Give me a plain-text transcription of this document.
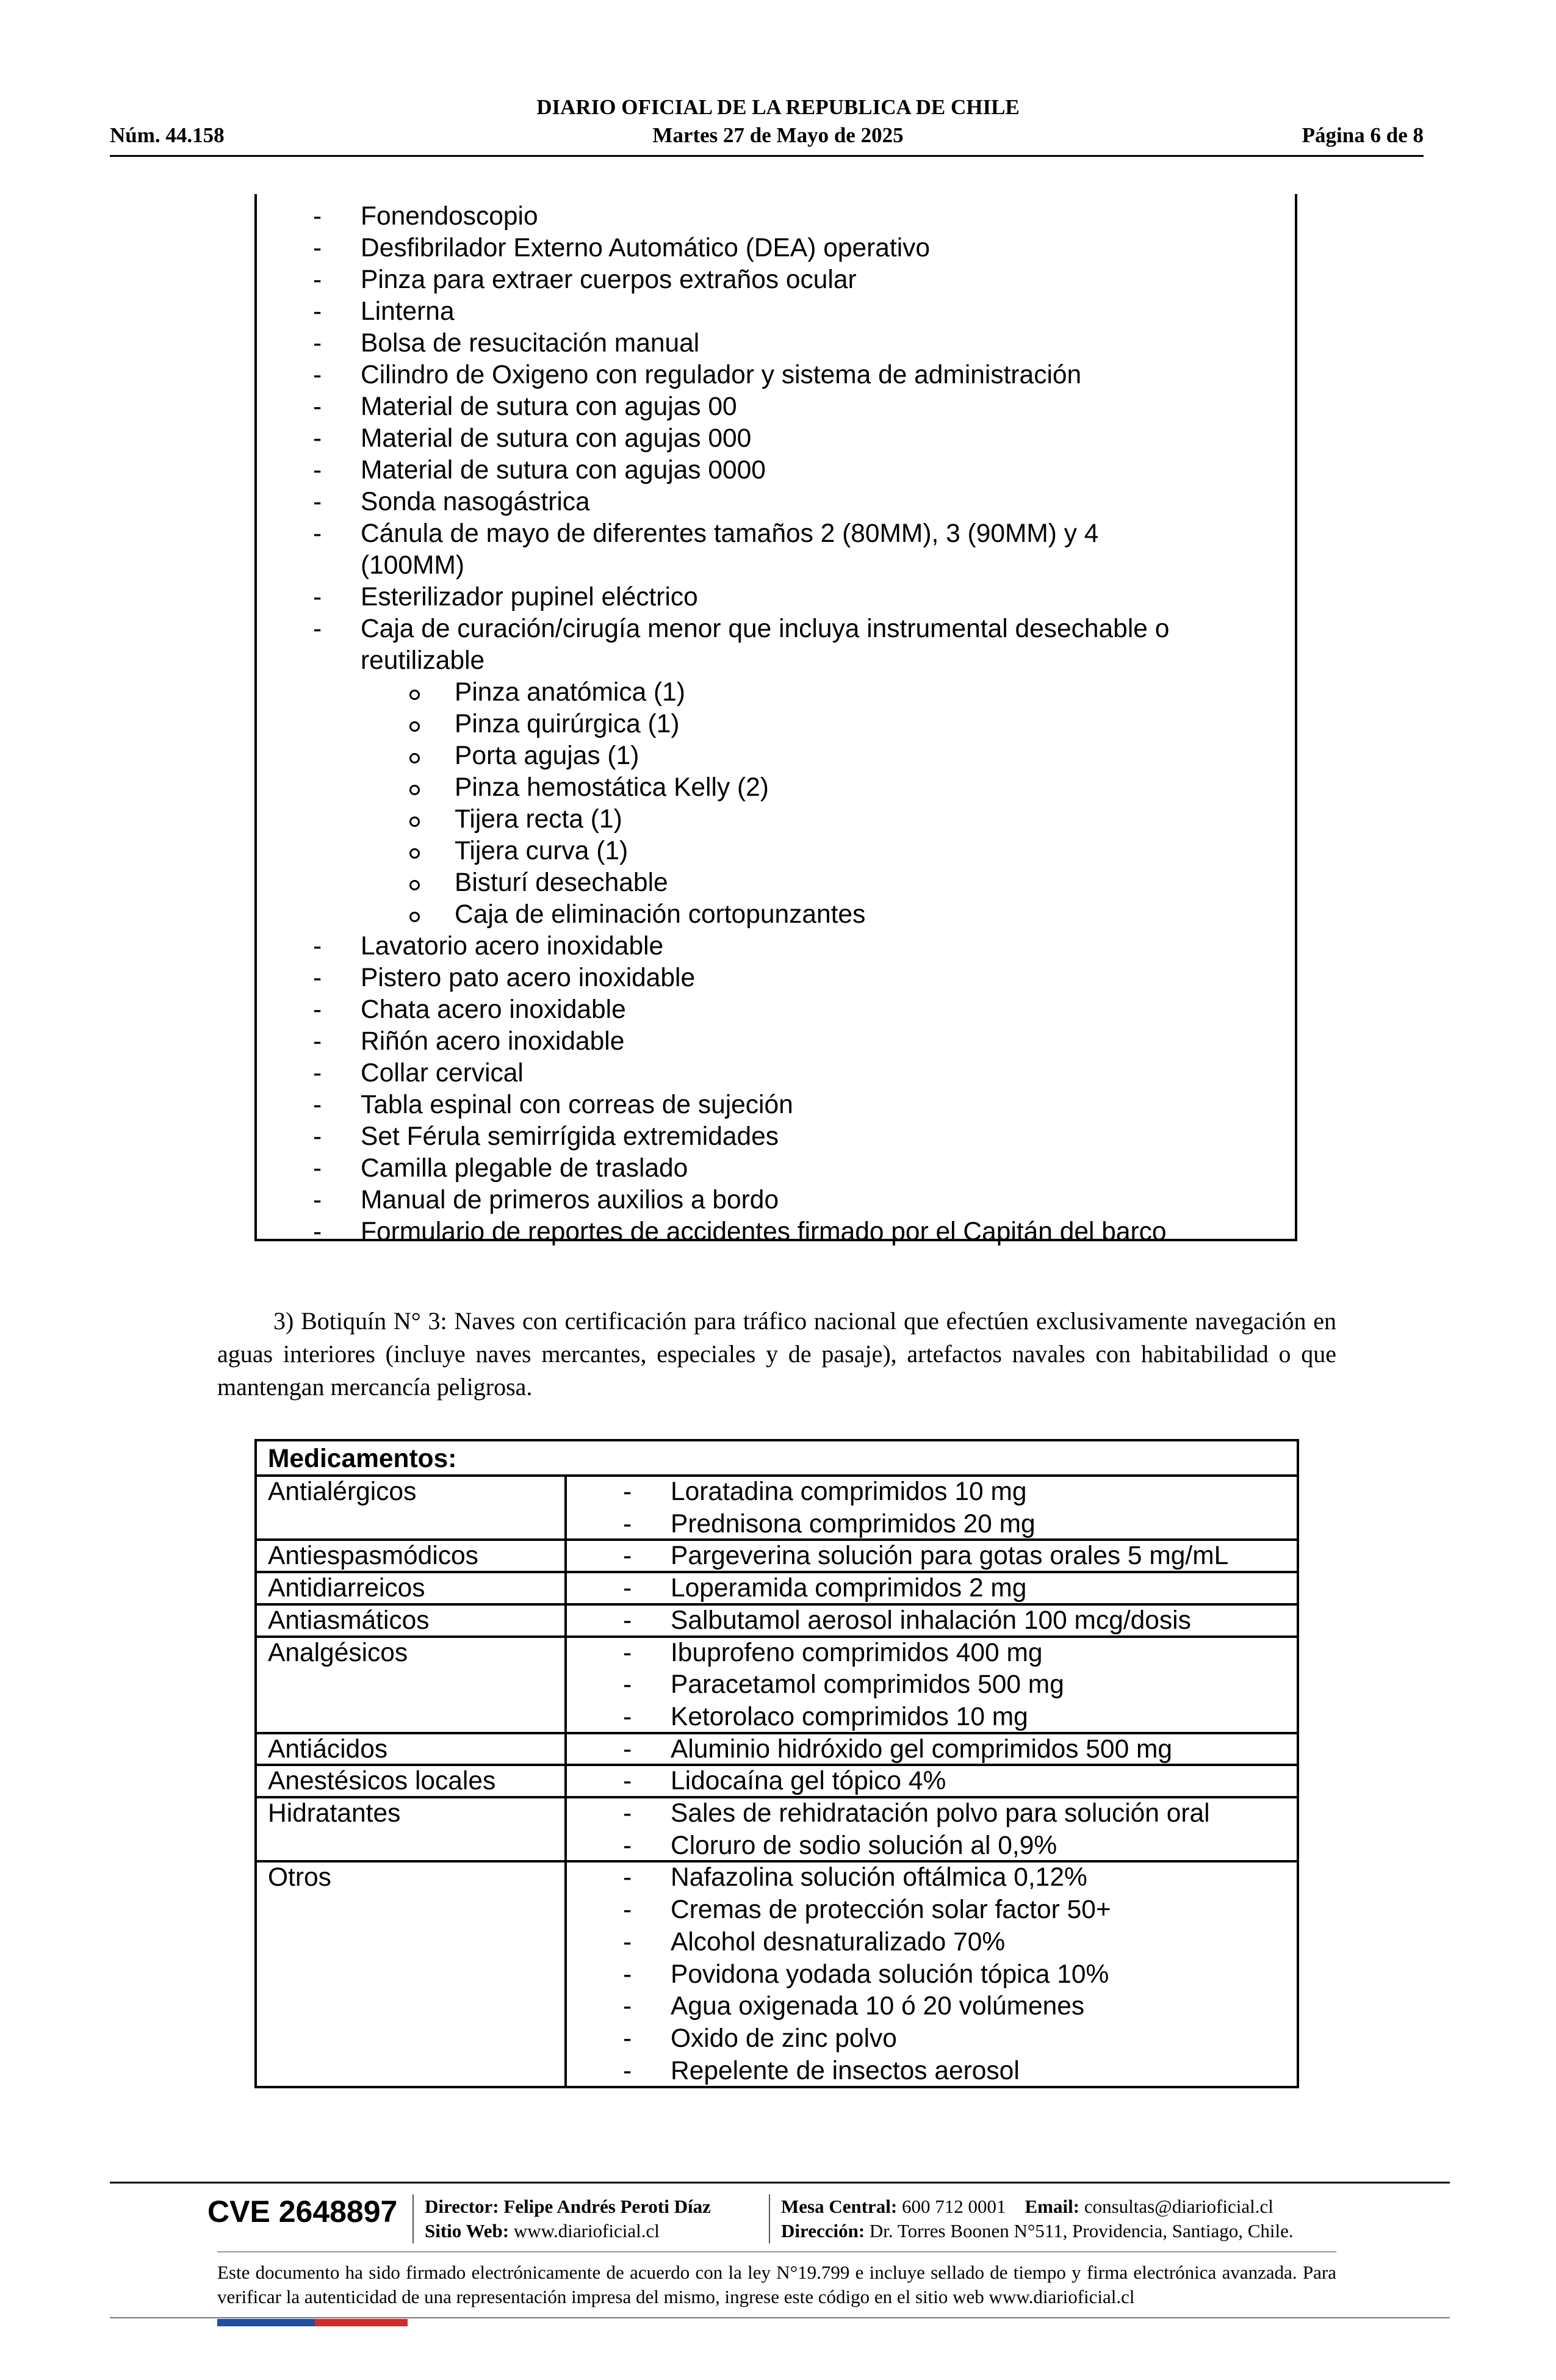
DIARIO OFICIAL DE LA REPUBLICA DE CHILE
Núm. 44.158	Martes 27 de Mayo de 2025	Página 6 de 8
- Fonendoscopio
- Desfibrilador Externo Automático (DEA) operativo
- Pinza para extraer cuerpos extraños ocular
- Linterna
- Bolsa de resucitación manual
- Cilindro de Oxigeno con regulador y sistema de administración
- Material de sutura con agujas 00
- Material de sutura con agujas 000
- Material de sutura con agujas 0000
- Sonda nasogástrica
- Cánula de mayo de diferentes tamaños 2 (80MM), 3 (90MM) y 4
(100MM)
- Esterilizador pupinel eléctrico
- Caja de curación/cirugía menor que incluya instrumental desechable o
reutilizable
Pinza anatómica (1)
Pinza quirúrgica (1)
Porta agujas (1)
Pinza hemostática Kelly (2)
Tijera recta (1)
Tijera curva (1)
Bisturí desechable
Caja de eliminación cortopunzantes
- Lavatorio acero inoxidable
- Pistero pato acero inoxidable
- Chata acero inoxidable
- Riñón acero inoxidable
- Collar cervical
- Tabla espinal con correas de sujeción
- Set Férula semirrígida extremidades
- Camilla plegable de traslado
- Manual de primeros auxilios a bordo
- Formulario de reportes de accidentes firmado por el Capitán del barco
3) Botiquín N° 3: Naves con certificación para tráfico nacional que efectúen exclusivamente navegación en aguas interiores (incluye naves mercantes, especiales y de pasaje), artefactos navales con habitabilidad o que mantengan mercancía peligrosa.
Medicamentos:
Antialérgicos	- Loratadina comprimidos 10 mg
- Prednisona comprimidos 20 mg
Antiespasmódicos	- Pargeverina solución para gotas orales 5 mg/mL
Antidiarreicos	- Loperamida comprimidos 2 mg
Antiasmáticos	- Salbutamol aerosol inhalación 100 mcg/dosis
Analgésicos	- Ibuprofeno comprimidos 400 mg
- Paracetamol comprimidos 500 mg
- Ketorolaco comprimidos 10 mg
Antiácidos	- Aluminio hidróxido gel comprimidos 500 mg
Anestésicos locales	- Lidocaína gel tópico 4%
Hidratantes	- Sales de rehidratación polvo para solución oral
- Cloruro de sodio solución al 0,9%
Otros	- Nafazolina solución oftálmica 0,12%
- Cremas de protección solar factor 50+
- Alcohol desnaturalizado 70%
- Povidona yodada solución tópica 10%
- Agua oxigenada 10 ó 20 volúmenes
- Oxido de zinc polvo
- Repelente de insectos aerosol
CVE 2648897 Director: Felipe Andrés Peroti Díaz
Sitio Web: www.diarioficial.cl
Mesa Central: 600 712 0001 Email: consultas@diarioficial.cl
Dirección: Dr. Torres Boonen N°511, Providencia, Santiago, Chile.
Este documento ha sido firmado electrónicamente de acuerdo con la ley N°19.799 e incluye sellado de tiempo y firma electrónica avanzada. Para verificar la autenticidad de una representación impresa del mismo, ingrese este código en el sitio web www.diarioficial.cl
